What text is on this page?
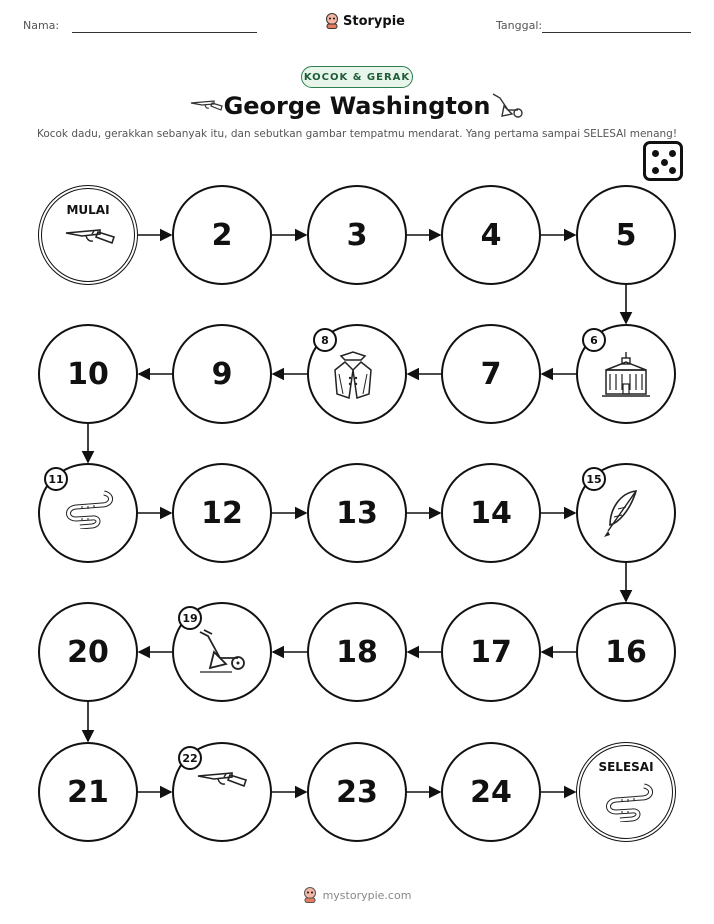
Nama:	Storypie	Tanggal:
KOCOK & GERAK
George Washington
Kocok dadu, gerakkan sebanyak itu, dan sebutkan gambar tempatmu mendarat. Yang pertama sampai SELESAI menang!
MULAI
2	3	4	5
6
7
8
9
10
11
12	13	14
15
16
17
18
19
20
21
22
23	24
SELESAI
mystorypie.com
